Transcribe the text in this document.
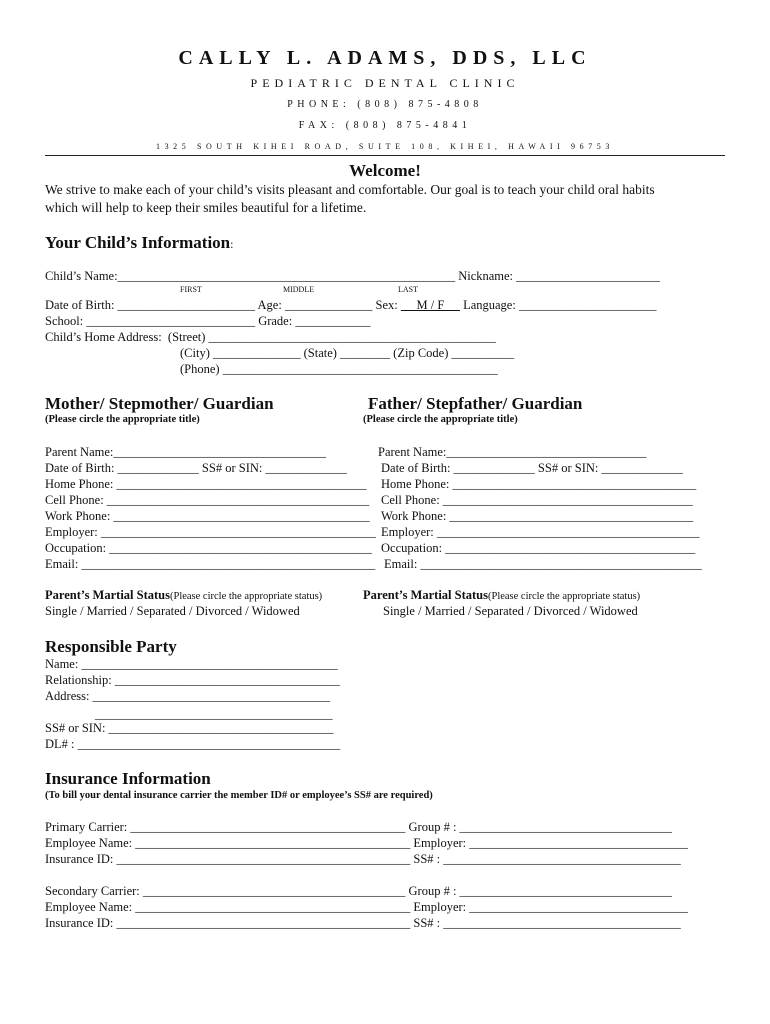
CALLY L. ADAMS, DDS, LLC
PEDIATRIC DENTAL CLINIC
PHONE: (808) 875-4808
FAX: (808) 875-4841
1325 SOUTH KIHEI ROAD, SUITE 108, KIHEI, HAWAII 96753
Welcome!
We strive to make each of your child’s visits pleasant and comfortable. Our goal is to teach your child oral habits
which will help to keep their smiles beautiful for a lifetime.
Your Child’s Information:
Child’s Name:______________________________________________________ Nickname: _______________________
FIRST	MIDDLE	LAST
Date of Birth: ______________________ Age: ______________ Sex:      M / F      Language: ______________________
School: ___________________________ Grade: ____________
Child’s Home Address:  (Street) ______________________________________________
(City) ______________ (State) ________ (Zip Code) __________
(Phone) ____________________________________________
Mother/ Stepmother/ Guardian
(Please circle the appropriate title)
Father/ Stepfather/ Guardian
(Please circle the appropriate title)
Parent Name:__________________________________
Date of Birth: _____________ SS# or SIN: _____________
Home Phone: ________________________________________
Cell Phone: __________________________________________
Work Phone: _________________________________________
Employer: ____________________________________________
Occupation: __________________________________________
Email: _______________________________________________
Parent Name:________________________________
Date of Birth: _____________ SS# or SIN: _____________
Home Phone: _______________________________________
Cell Phone: ________________________________________
Work Phone: _______________________________________
Employer: __________________________________________
Occupation: ________________________________________
Email: _____________________________________________
Parent’s Martial Status(Please circle the appropriate status)
Single / Married / Separated / Divorced / Widowed
Parent’s Martial Status(Please circle the appropriate status)
Single / Married / Separated / Divorced / Widowed
Responsible Party
Name: _________________________________________
Relationship: ____________________________________
Address: ______________________________________
______________________________________
SS# or SIN: ____________________________________
DL# : __________________________________________
Insurance Information
(To bill your dental insurance carrier the member ID# or employee’s SS# are required)
Primary Carrier: ____________________________________________ Group # : __________________________________
Employee Name: ____________________________________________ Employer: ___________________________________
Insurance ID: _______________________________________________ SS# : ______________________________________
Secondary Carrier: __________________________________________ Group # : __________________________________
Employee Name: ____________________________________________ Employer: ___________________________________
Insurance ID: _______________________________________________ SS# : ______________________________________
